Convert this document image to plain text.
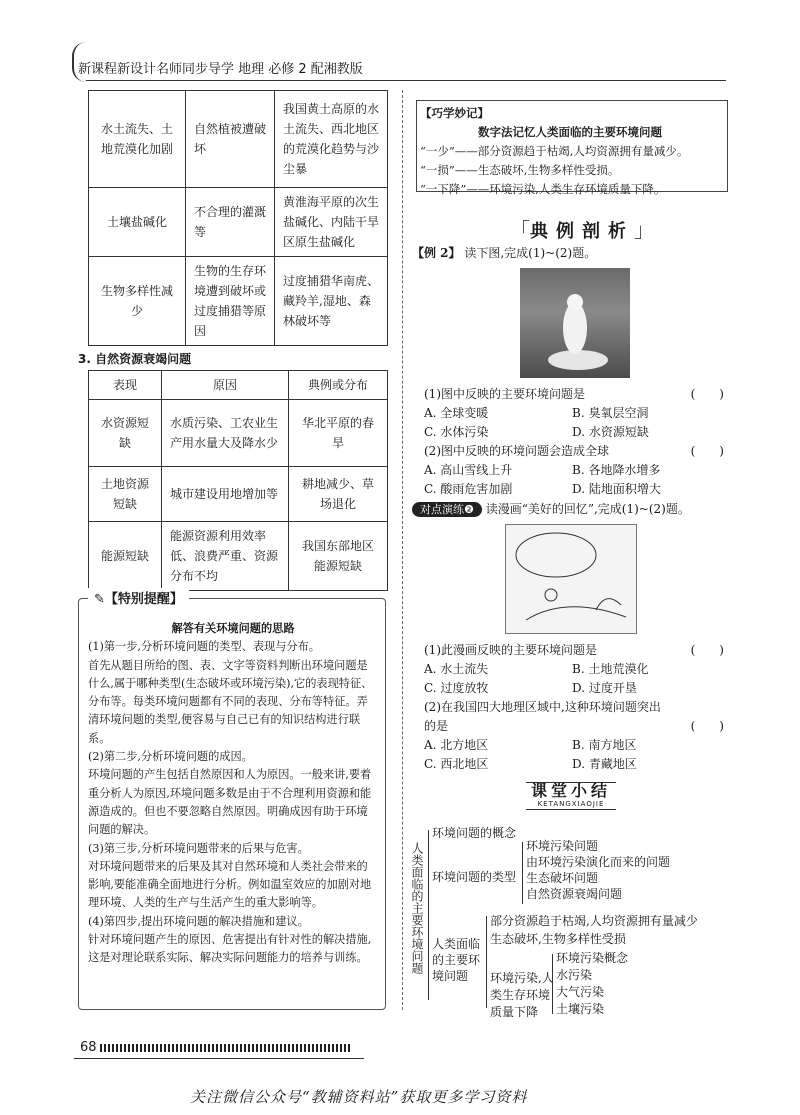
新课程新设计名师同步导学 地理 必修 2 配湘教版
水土流失、土地荒漠化加剧	自然植被遭破坏	我国黄土高原的水土流失、西北地区的荒漠化趋势与沙尘暴
土壤盐碱化	不合理的灌溉等	黄淮海平原的次生盐碱化、内陆干旱区原生盐碱化
生物多样性减少	生物的生存环境遭到破坏或过度捕猎等原因	过度捕猎华南虎、藏羚羊,湿地、森林破坏等
3. 自然资源衰竭问题
表现	原因	典例或分布
水资源短缺	水质污染、工农业生产用水量大及降水少	华北平原的春旱
土地资源短缺	城市建设用地增加等	耕地减少、草场退化
能源短缺	能源资源利用效率低、浪费严重、资源分布不均	我国东部地区能源短缺
✎【特别提醒】
解答有关环境问题的思路
(1)第一步,分析环境问题的类型、表现与分布。
首先从题目所给的图、表、文字等资料判断出环境问题是什么,属于哪种类型(生态破坏或环境污染),它的表现特征、分布等。每类环境问题都有不同的表现、分布等特征。弄清环境问题的类型,便容易与自己已有的知识结构进行联系。
(2)第二步,分析环境问题的成因。
环境问题的产生包括自然原因和人为原因。一般来讲,要着重分析人为原因,环境问题多数是由于不合理利用资源和能源造成的。但也不要忽略自然原因。明确成因有助于环境问题的解决。
(3)第三步,分析环境问题带来的后果与危害。
对环境问题带来的后果及其对自然环境和人类社会带来的影响,要能准确全面地进行分析。例如温室效应的加剧对地理环境、人类的生产与生活产生的重大影响等。
(4)第四步,提出环境问题的解决措施和建议。
针对环境问题产生的原因、危害提出有针对性的解决措施,这是对理论联系实际、解决实际问题能力的培养与训练。
68
关注微信公众号“教辅资料站”获取更多学习资料
【巧学妙记】
数字法记忆人类面临的主要环境问题
“一少”——部分资源趋于枯竭,人均资源拥有量减少。
“一损”——生态破坏,生物多样性受损。
“一下降”——环境污染,人类生存环境质量下降。
「典例剖析」
【例 2】 读下图,完成(1)~(2)题。
(1)图中反映的主要环境问题是	(　　)
A. 全球变暖	B. 臭氧层空洞
C. 水体污染	D. 水资源短缺
(2)图中反映的环境问题会造成全球	(　　)
A. 高山雪线上升	B. 各地降水增多
C. 酸雨危害加剧	D. 陆地面积增大
对点演练❷ 读漫画“美好的回忆”,完成(1)~(2)题。
(1)此漫画反映的主要环境问题是	(　　)
A. 水土流失	B. 土地荒漠化
C. 过度放牧	D. 过度开垦
(2)在我国四大地理区域中,这种环境问题突出
的是	(　　)
A. 北方地区	B. 南方地区
C. 西北地区	D. 青藏地区
课堂小结
KETANGXIAOJIE
人类面临的主要环境问题
环境问题的概念
环境问题的类型
环境污染问题
由环境污染演化而来的问题
生态破坏问题
自然资源衰竭问题
人类面临的主要环境问题
部分资源趋于枯竭,人均资源拥有量减少
生态破坏,生物多样性受损
环境污染,人类生存环境质量下降
环境污染概念
水污染
大气污染
土壤污染
